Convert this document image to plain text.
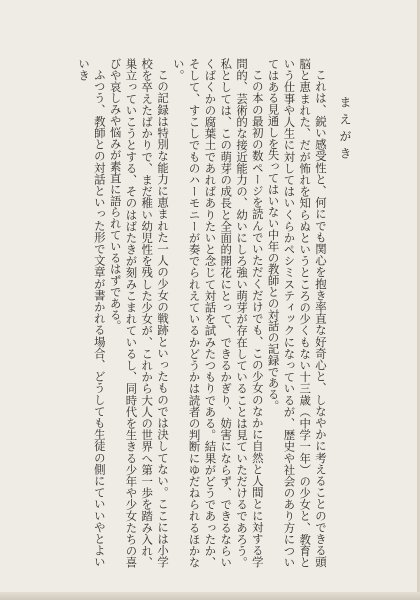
まえがき

これは、鋭い感受性と、何にでも関心を抱き率直な好奇心と、しなやかに考えることのできる頭脳と恵まれた、だが怖れを知らぬというところの少くもない十三歳（中学一年）の少女と、教育という仕事や人生に対してはいくらかペシミスティックになっているが、歴史や社会のあり方についてはある見通しを失ってはいない中年の教師との対話の記録である。

この本の最初の数ページを読んでいただくだけでも、この少女のなかに自然と人間とに対する学問的、芸術的な接近能力の、幼いにしろ強い萌芽が存在していることは見ていただけるであろう。私としては、この萌芽の成長と全面的開花にとって、できるかぎり、妨害にならず、できるならいくばくかの腐葉土であればありたいと念じて対話を試みたつもりである。結果がどうであったか、そして、すこしでものハーモニーが奏でられえているかどうかは読者の判断にゆだねられるほかない。

この記録は特別な能力に恵まれた一人の少女の戦跡といったものでは決してない。ここには小学校を卒えたばかりで、まだ稚い幼児性を残した少女が、これから大人の世界へ第一歩を踏み入れ、巣立っていこうとする、そのはばたきが刻みこまれているし、同時代を生きる少年や少女たちの喜びや哀しみや悩みが素直に語られているはずである。

ふつう、教師との対話といった形で文章が書かれる場合、どうしても生徒の側にていいやとよいいき
